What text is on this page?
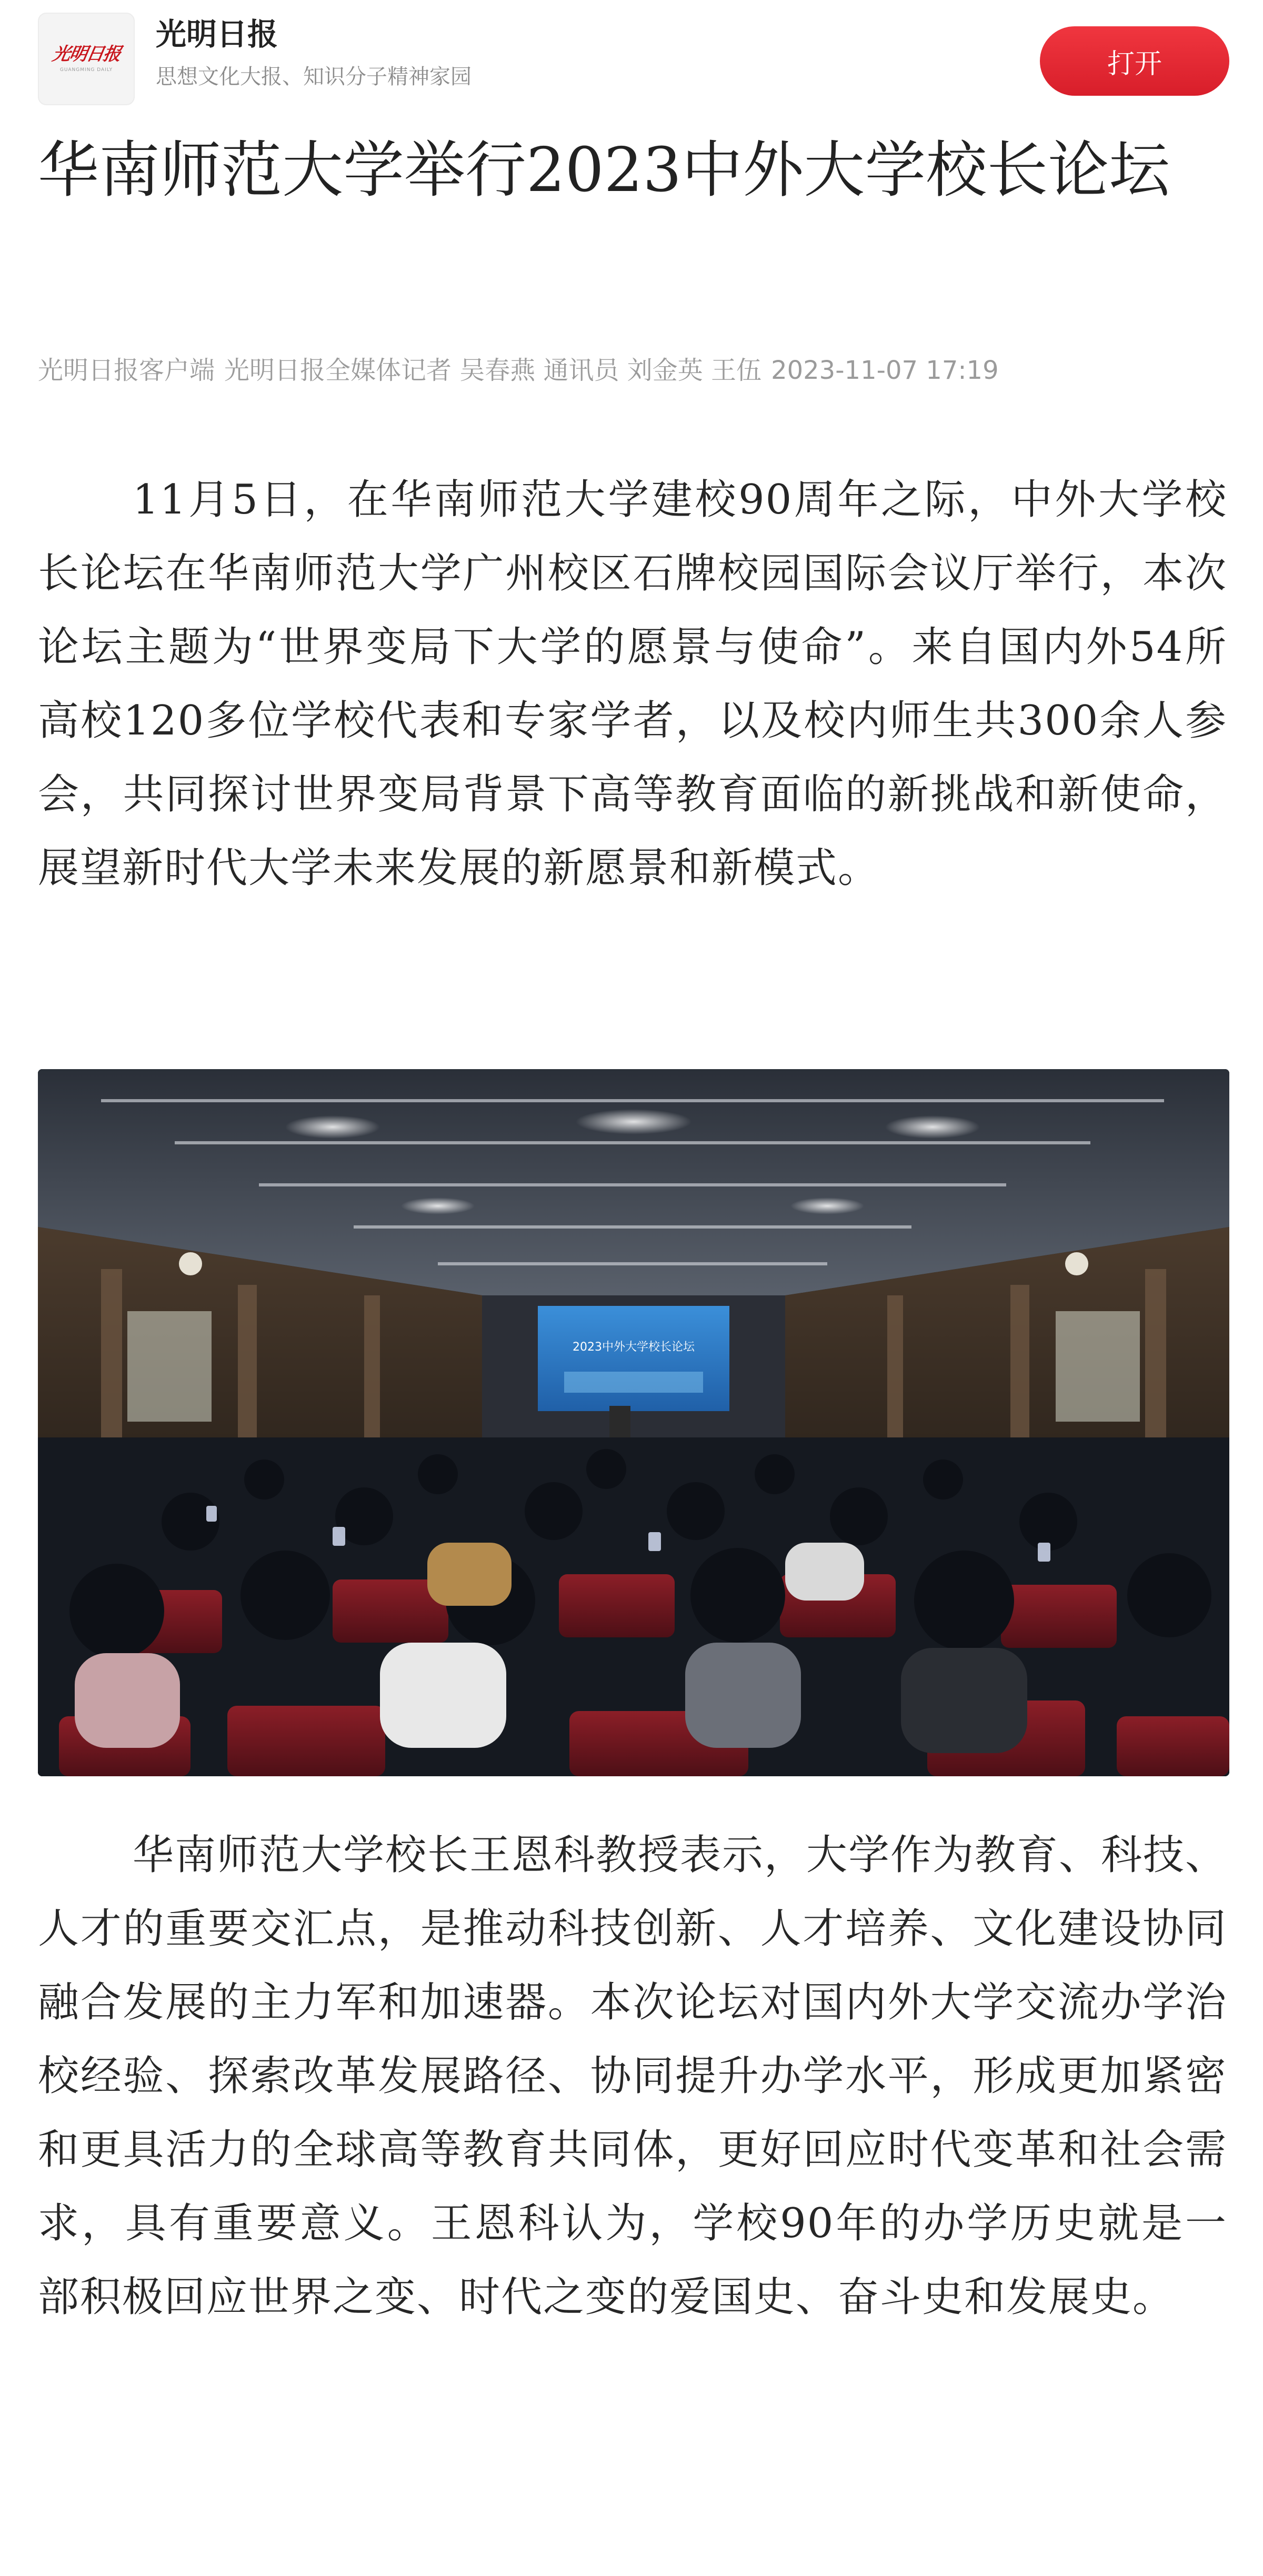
光明日报
GUANGMING DAILY
光明日报
思想文化大报、知识分子精神家园	打开
华南师范大学举行2023中外大学校长论坛
光明日报客户端 光明日报全媒体记者 吴春燕 通讯员 刘金英 王伍 2023-11-07 17:19

11月5日，在华南师范大学建校90周年之际，中外大学校长论坛在华南师范大学广州校区石牌校园国际会议厅举行，本次论坛主题为“世界变局下大学的愿景与使命”。来自国内外54所高校120多位学校代表和专家学者，以及校内师生共300余人参会，共同探讨世界变局背景下高等教育面临的新挑战和新使命，展望新时代大学未来发展的新愿景和新模式。

2023中外大学校长论坛

华南师范大学校长王恩科教授表示，大学作为教育、科技、人才的重要交汇点，是推动科技创新、人才培养、文化建设协同融合发展的主力军和加速器。本次论坛对国内外大学交流办学治校经验、探索改革发展路径、协同提升办学水平，形成更加紧密和更具活力的全球高等教育共同体，更好回应时代变革和社会需求，具有重要意义。王恩科认为，学校90年的办学历史就是一部积极回应世界之变、时代之变的爱国史、奋斗史和发展史。
